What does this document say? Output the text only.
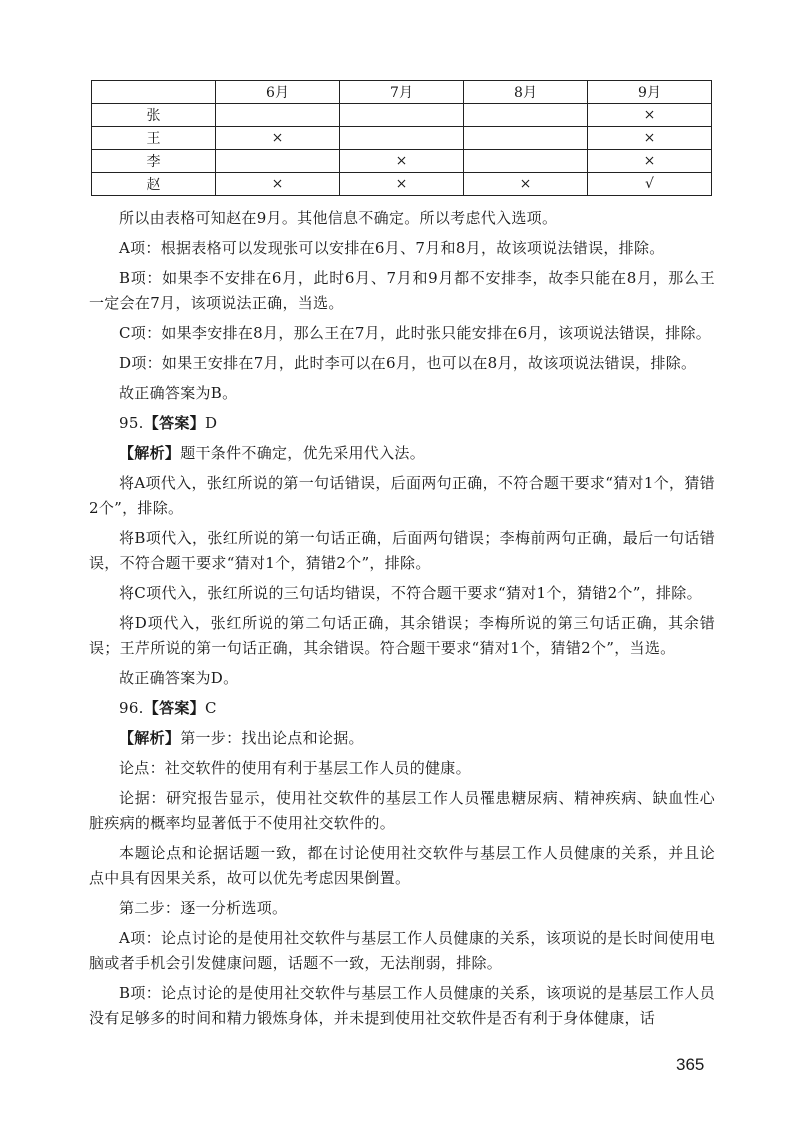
	6月	7月	8月	9月
张				×
王	×			×
李		×		×
赵	×	×	×	√

所以由表格可知赵在9月。其他信息不确定。所以考虑代入选项。

A项：根据表格可以发现张可以安排在6月、7月和8月，故该项说法错误，排除。

B项：如果李不安排在6月，此时6月、7月和9月都不安排李，故李只能在8月，那么王一定会在7月，该项说法正确，当选。

C项：如果李安排在8月，那么王在7月，此时张只能安排在6月，该项说法错误，排除。

D项：如果王安排在7月，此时李可以在6月，也可以在8月，故该项说法错误，排除。

故正确答案为B。

95.【答案】D

【解析】题干条件不确定，优先采用代入法。

将A项代入，张红所说的第一句话错误，后面两句正确，不符合题干要求“猜对1个，猜错2个”，排除。

将B项代入，张红所说的第一句话正确，后面两句错误；李梅前两句正确，最后一句话错误，不符合题干要求“猜对1个，猜错2个”，排除。

将C项代入，张红所说的三句话均错误，不符合题干要求“猜对1个，猜错2个”，排除。

将D项代入，张红所说的第二句话正确，其余错误；李梅所说的第三句话正确，其余错误；王芹所说的第一句话正确，其余错误。符合题干要求“猜对1个，猜错2个”，当选。

故正确答案为D。

96.【答案】C

【解析】第一步：找出论点和论据。

论点：社交软件的使用有利于基层工作人员的健康。

论据：研究报告显示，使用社交软件的基层工作人员罹患糖尿病、精神疾病、缺血性心脏疾病的概率均显著低于不使用社交软件的。

本题论点和论据话题一致，都在讨论使用社交软件与基层工作人员健康的关系，并且论点中具有因果关系，故可以优先考虑因果倒置。

第二步：逐一分析选项。

A项：论点讨论的是使用社交软件与基层工作人员健康的关系，该项说的是长时间使用电脑或者手机会引发健康问题，话题不一致，无法削弱，排除。

B项：论点讨论的是使用社交软件与基层工作人员健康的关系，该项说的是基层工作人员没有足够多的时间和精力锻炼身体，并未提到使用社交软件是否有利于身体健康，话

365
